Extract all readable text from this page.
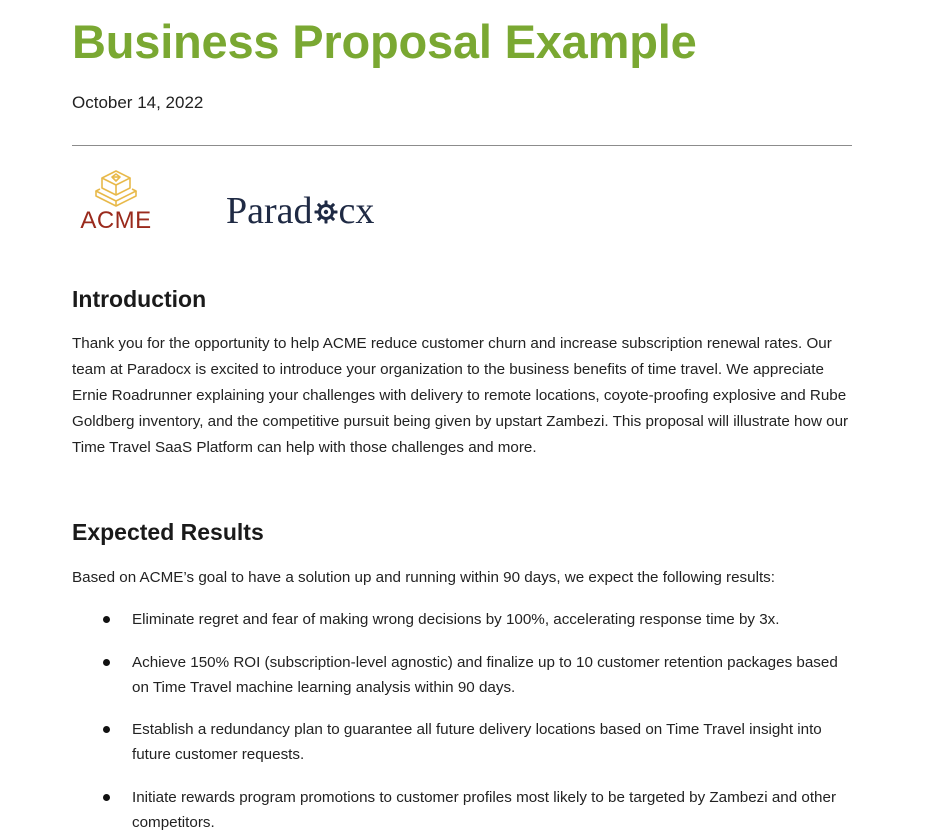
Business Proposal Example
October 14, 2022
ACME Parad cx
Introduction

Thank you for the opportunity to help ACME reduce customer churn and increase subscription renewal rates. Our team at Paradocx is excited to introduce your organization to the business benefits of time travel. We appreciate Ernie Roadrunner explaining your challenges with delivery to remote locations, coyote-proofing explosive and Rube Goldberg inventory, and the competitive pursuit being given by upstart Zambezi. This proposal will illustrate how our Time Travel SaaS Platform can help with those challenges and more.

Expected Results

Based on ACME’s goal to have a solution up and running within 90 days, we expect the following results:

Eliminate regret and fear of making wrong decisions by 100%, accelerating response time by 3x.
Achieve 150% ROI (subscription-level agnostic) and finalize up to 10 customer retention packages based on Time Travel machine learning analysis within 90 days.
Establish a redundancy plan to guarantee all future delivery locations based on Time Travel insight into future customer requests.
Initiate rewards program promotions to customer profiles most likely to be targeted by Zambezi and other competitors.
